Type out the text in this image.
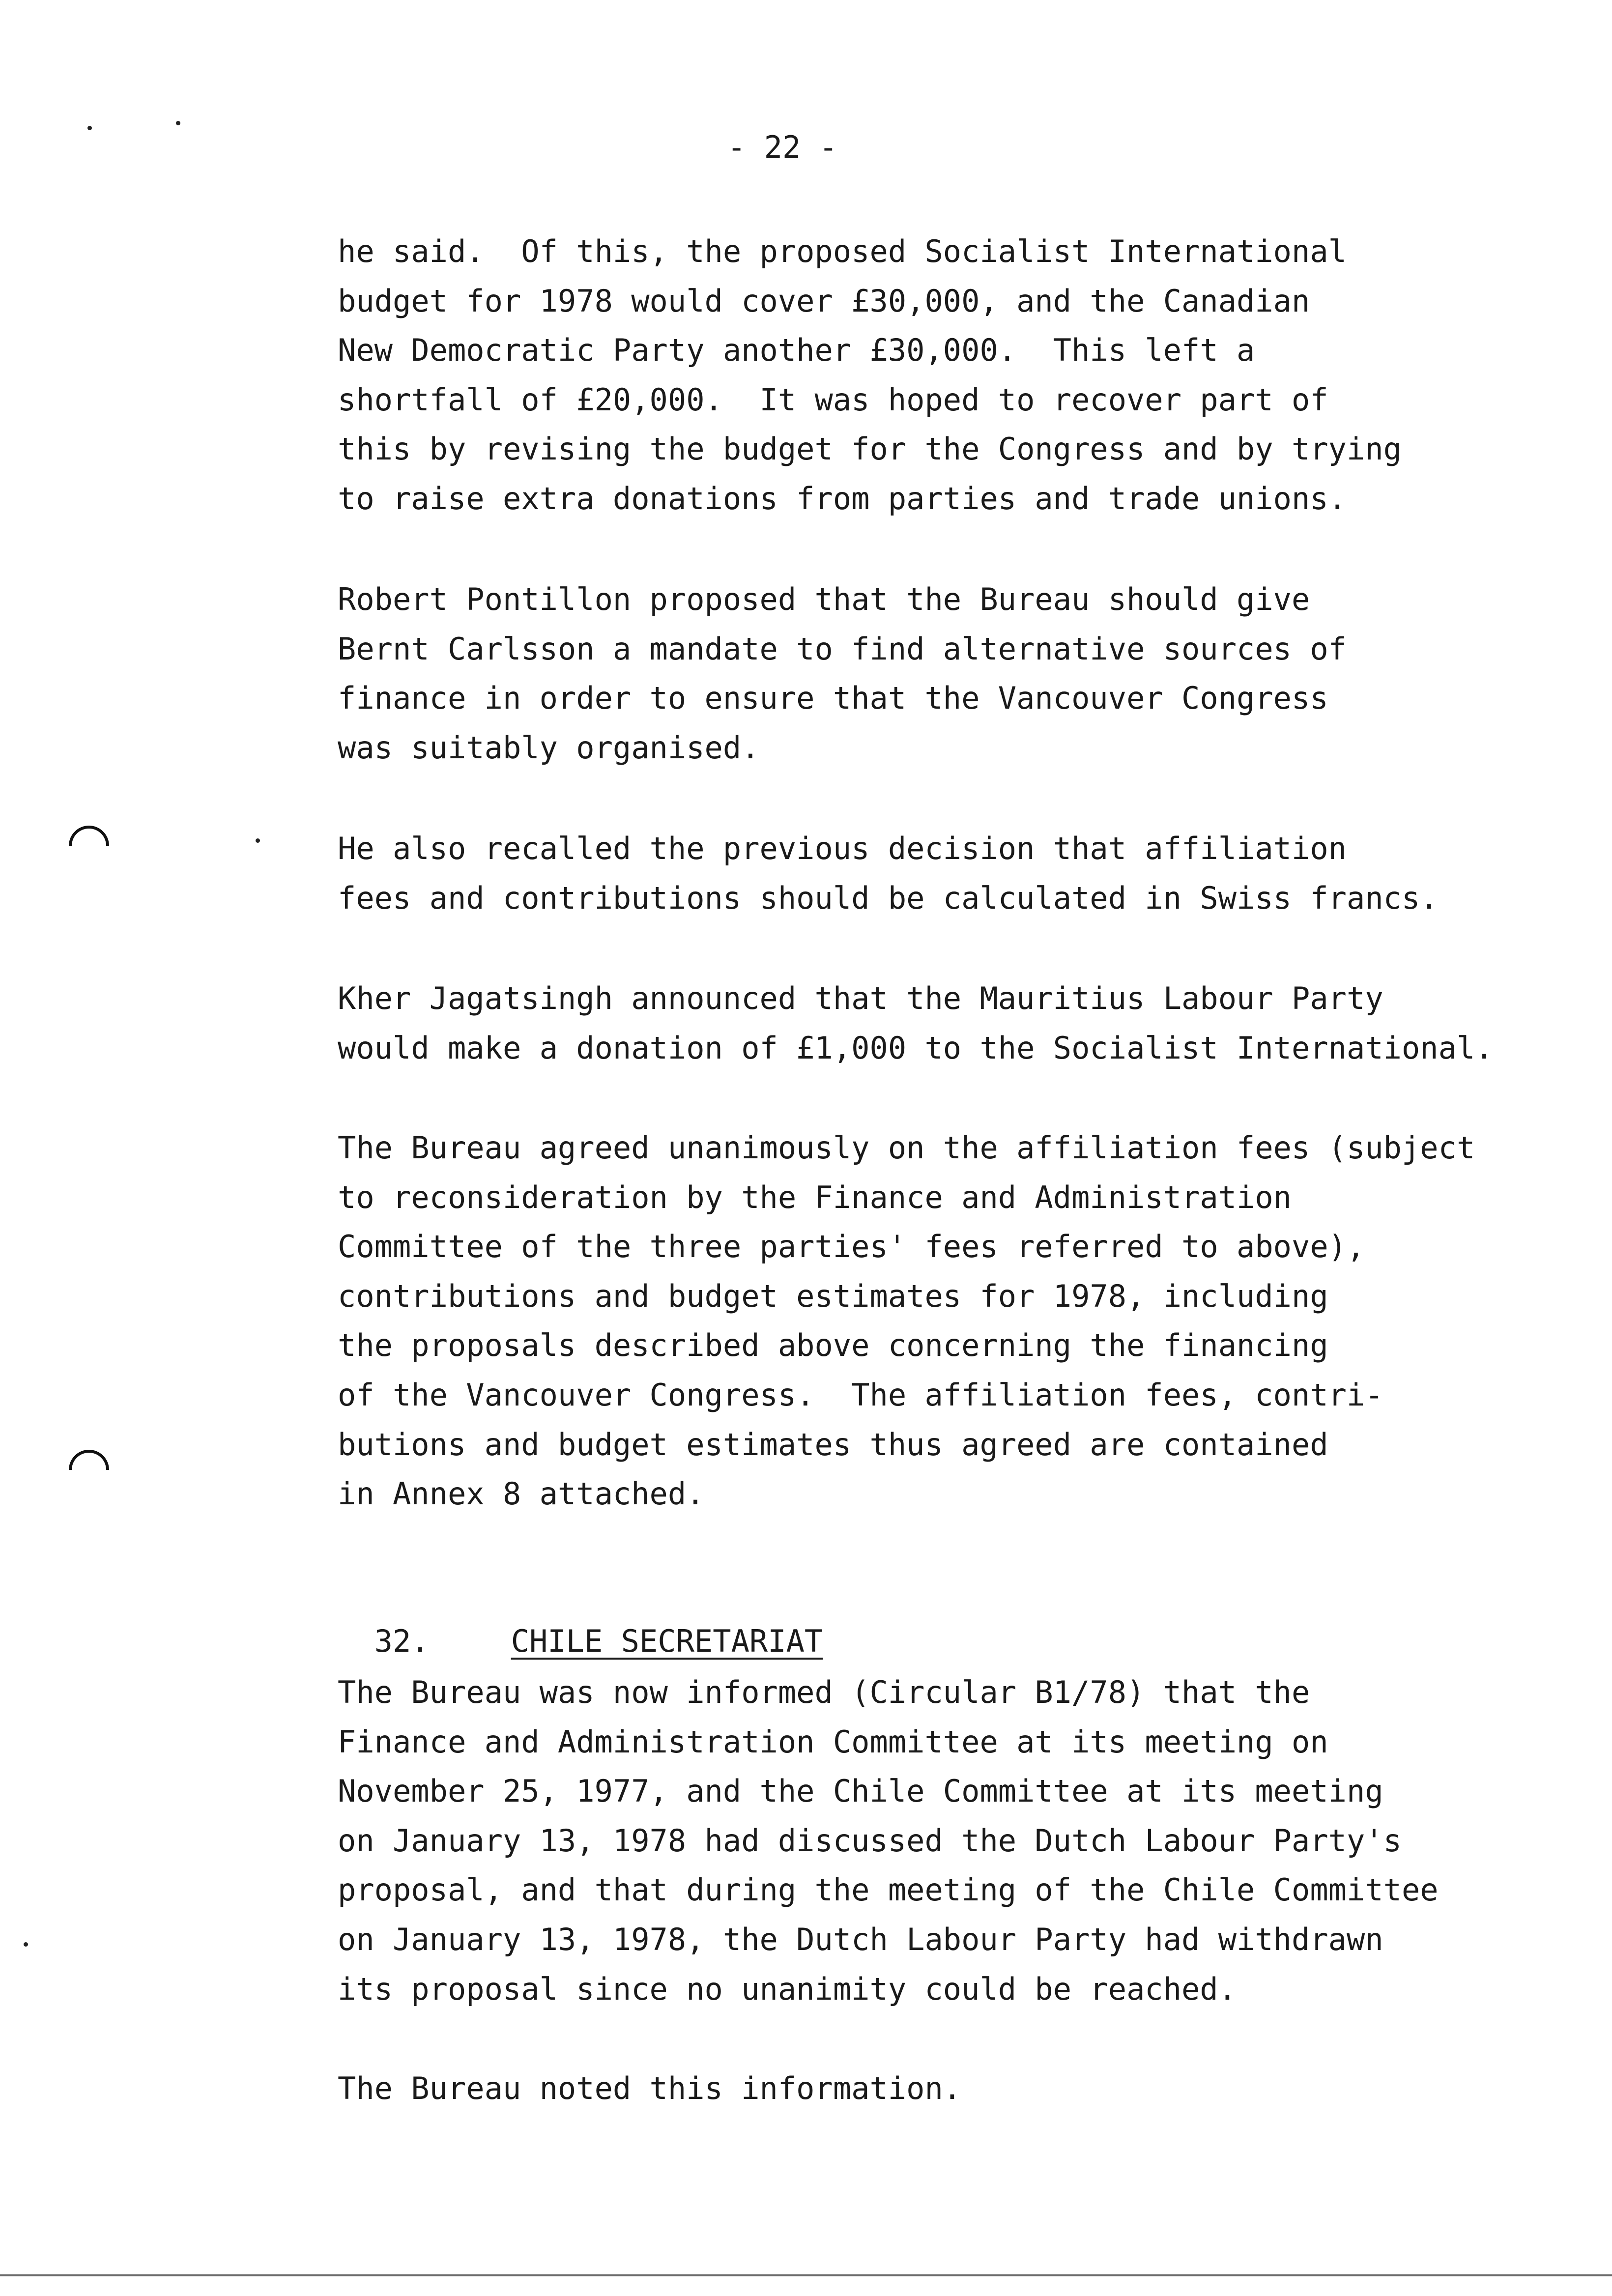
- 22 -
he said.  Of this, the proposed Socialist International
budget for 1978 would cover £30,000, and the Canadian
New Democratic Party another £30,000.  This left a
shortfall of £20,000.  It was hoped to recover part of
this by revising the budget for the Congress and by trying
to raise extra donations from parties and trade unions.
Robert Pontillon proposed that the Bureau should give
Bernt Carlsson a mandate to find alternative sources of
finance in order to ensure that the Vancouver Congress
was suitably organised.
He also recalled the previous decision that affiliation
fees and contributions should be calculated in Swiss francs.
Kher Jagatsingh announced that the Mauritius Labour Party
would make a donation of £1,000 to the Socialist International.
The Bureau agreed unanimously on the affiliation fees (subject
to reconsideration by the Finance and Administration
Committee of the three parties' fees referred to above),
contributions and budget estimates for 1978, including
the proposals described above concerning the financing
of the Vancouver Congress.  The affiliation fees, contri-
butions and budget estimates thus agreed are contained
in Annex 8 attached.

32.	CHILE SECRETARIAT

The Bureau was now informed (Circular B1/78) that the
Finance and Administration Committee at its meeting on
November 25, 1977, and the Chile Committee at its meeting
on January 13, 1978 had discussed the Dutch Labour Party's
proposal, and that during the meeting of the Chile Committee
on January 13, 1978, the Dutch Labour Party had withdrawn
its proposal since no unanimity could be reached.
The Bureau noted this information.
